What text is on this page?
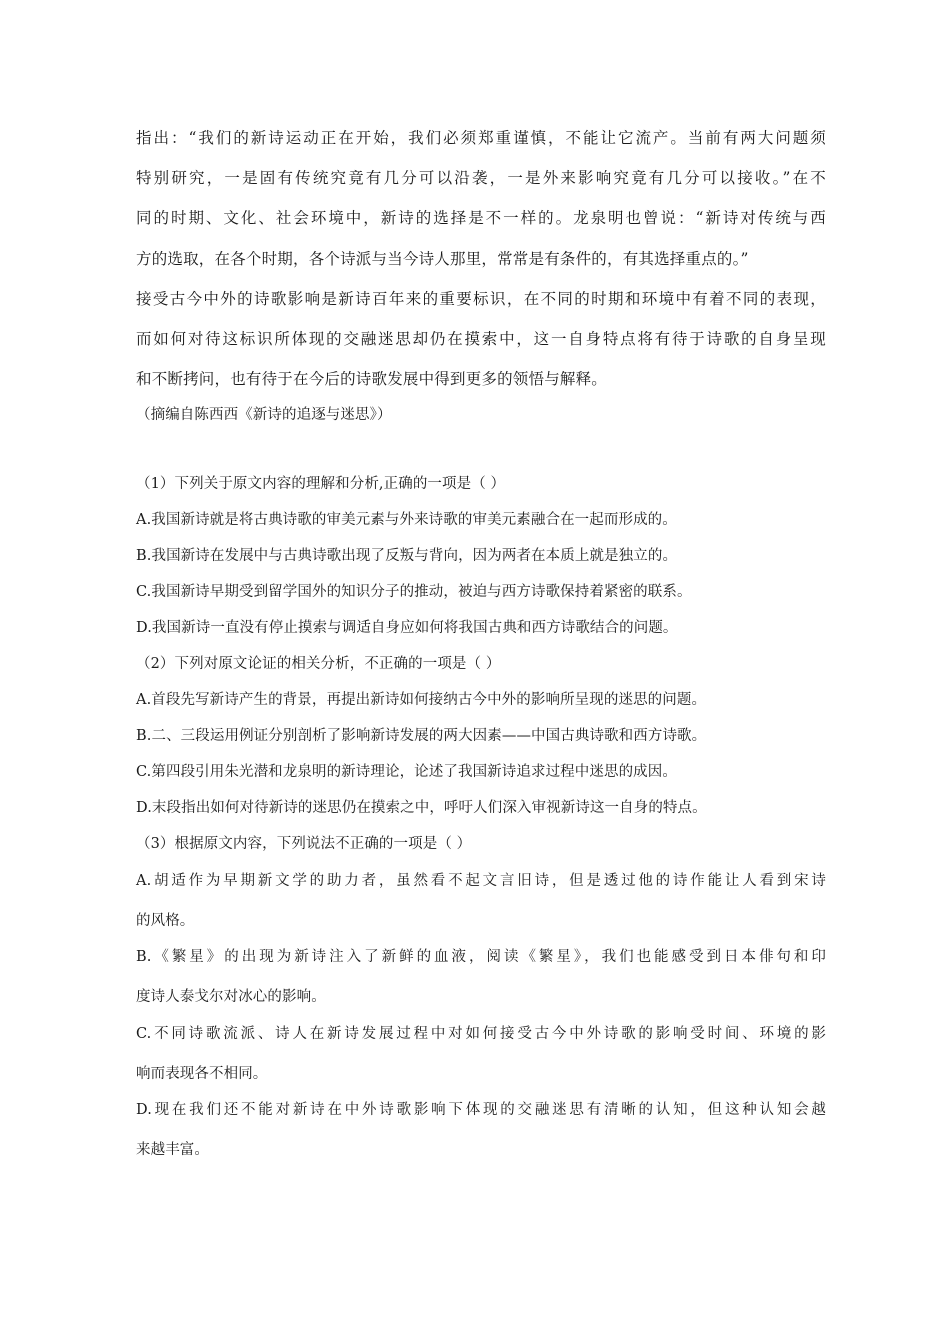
指出：“我们的新诗运动正在开始，我们必须郑重谨慎，不能让它流产。当前有两大问题须
特别研究，一是固有传统究竟有几分可以沿袭，一是外来影响究竟有几分可以接收。”在不
同的时期、文化、社会环境中，新诗的选择是不一样的。龙泉明也曾说：“新诗对传统与西
方的选取，在各个时期，各个诗派与当今诗人那里，常常是有条件的，有其选择重点的。”
接受古今中外的诗歌影响是新诗百年来的重要标识，在不同的时期和环境中有着不同的表现，
而如何对待这标识所体现的交融迷思却仍在摸索中，这一自身特点将有待于诗歌的自身呈现
和不断拷问，也有待于在今后的诗歌发展中得到更多的领悟与解释。
（摘编自陈西西《新诗的追逐与迷思》）
（1）下列关于原文内容的理解和分析,正确的一项是（ ）
A.我国新诗就是将古典诗歌的审美元素与外来诗歌的审美元素融合在一起而形成的。
B.我国新诗在发展中与古典诗歌出现了反叛与背向，因为两者在本质上就是独立的。
C.我国新诗早期受到留学国外的知识分子的推动，被迫与西方诗歌保持着紧密的联系。
D.我国新诗一直没有停止摸索与调适自身应如何将我国古典和西方诗歌结合的问题。
（2）下列对原文论证的相关分析，不正确的一项是（ ）
A.首段先写新诗产生的背景，再提出新诗如何接纳古今中外的影响所呈现的迷思的问题。
B.二、三段运用例证分别剖析了影响新诗发展的两大因素——中国古典诗歌和西方诗歌。
C.第四段引用朱光潜和龙泉明的新诗理论，论述了我国新诗追求过程中迷思的成因。
D.末段指出如何对待新诗的迷思仍在摸索之中，呼吁人们深入审视新诗这一自身的特点。
（3）根据原文内容，下列说法不正确的一项是（ ）
A.胡适作为早期新文学的助力者，虽然看不起文言旧诗，但是透过他的诗作能让人看到宋诗
的风格。
B.《繁星》的出现为新诗注入了新鲜的血液，阅读《繁星》，我们也能感受到日本俳句和印
度诗人泰戈尔对冰心的影响。
C.不同诗歌流派、诗人在新诗发展过程中对如何接受古今中外诗歌的影响受时间、环境的影
响而表现各不相同。
D.现在我们还不能对新诗在中外诗歌影响下体现的交融迷思有清晰的认知，但这种认知会越
来越丰富。
